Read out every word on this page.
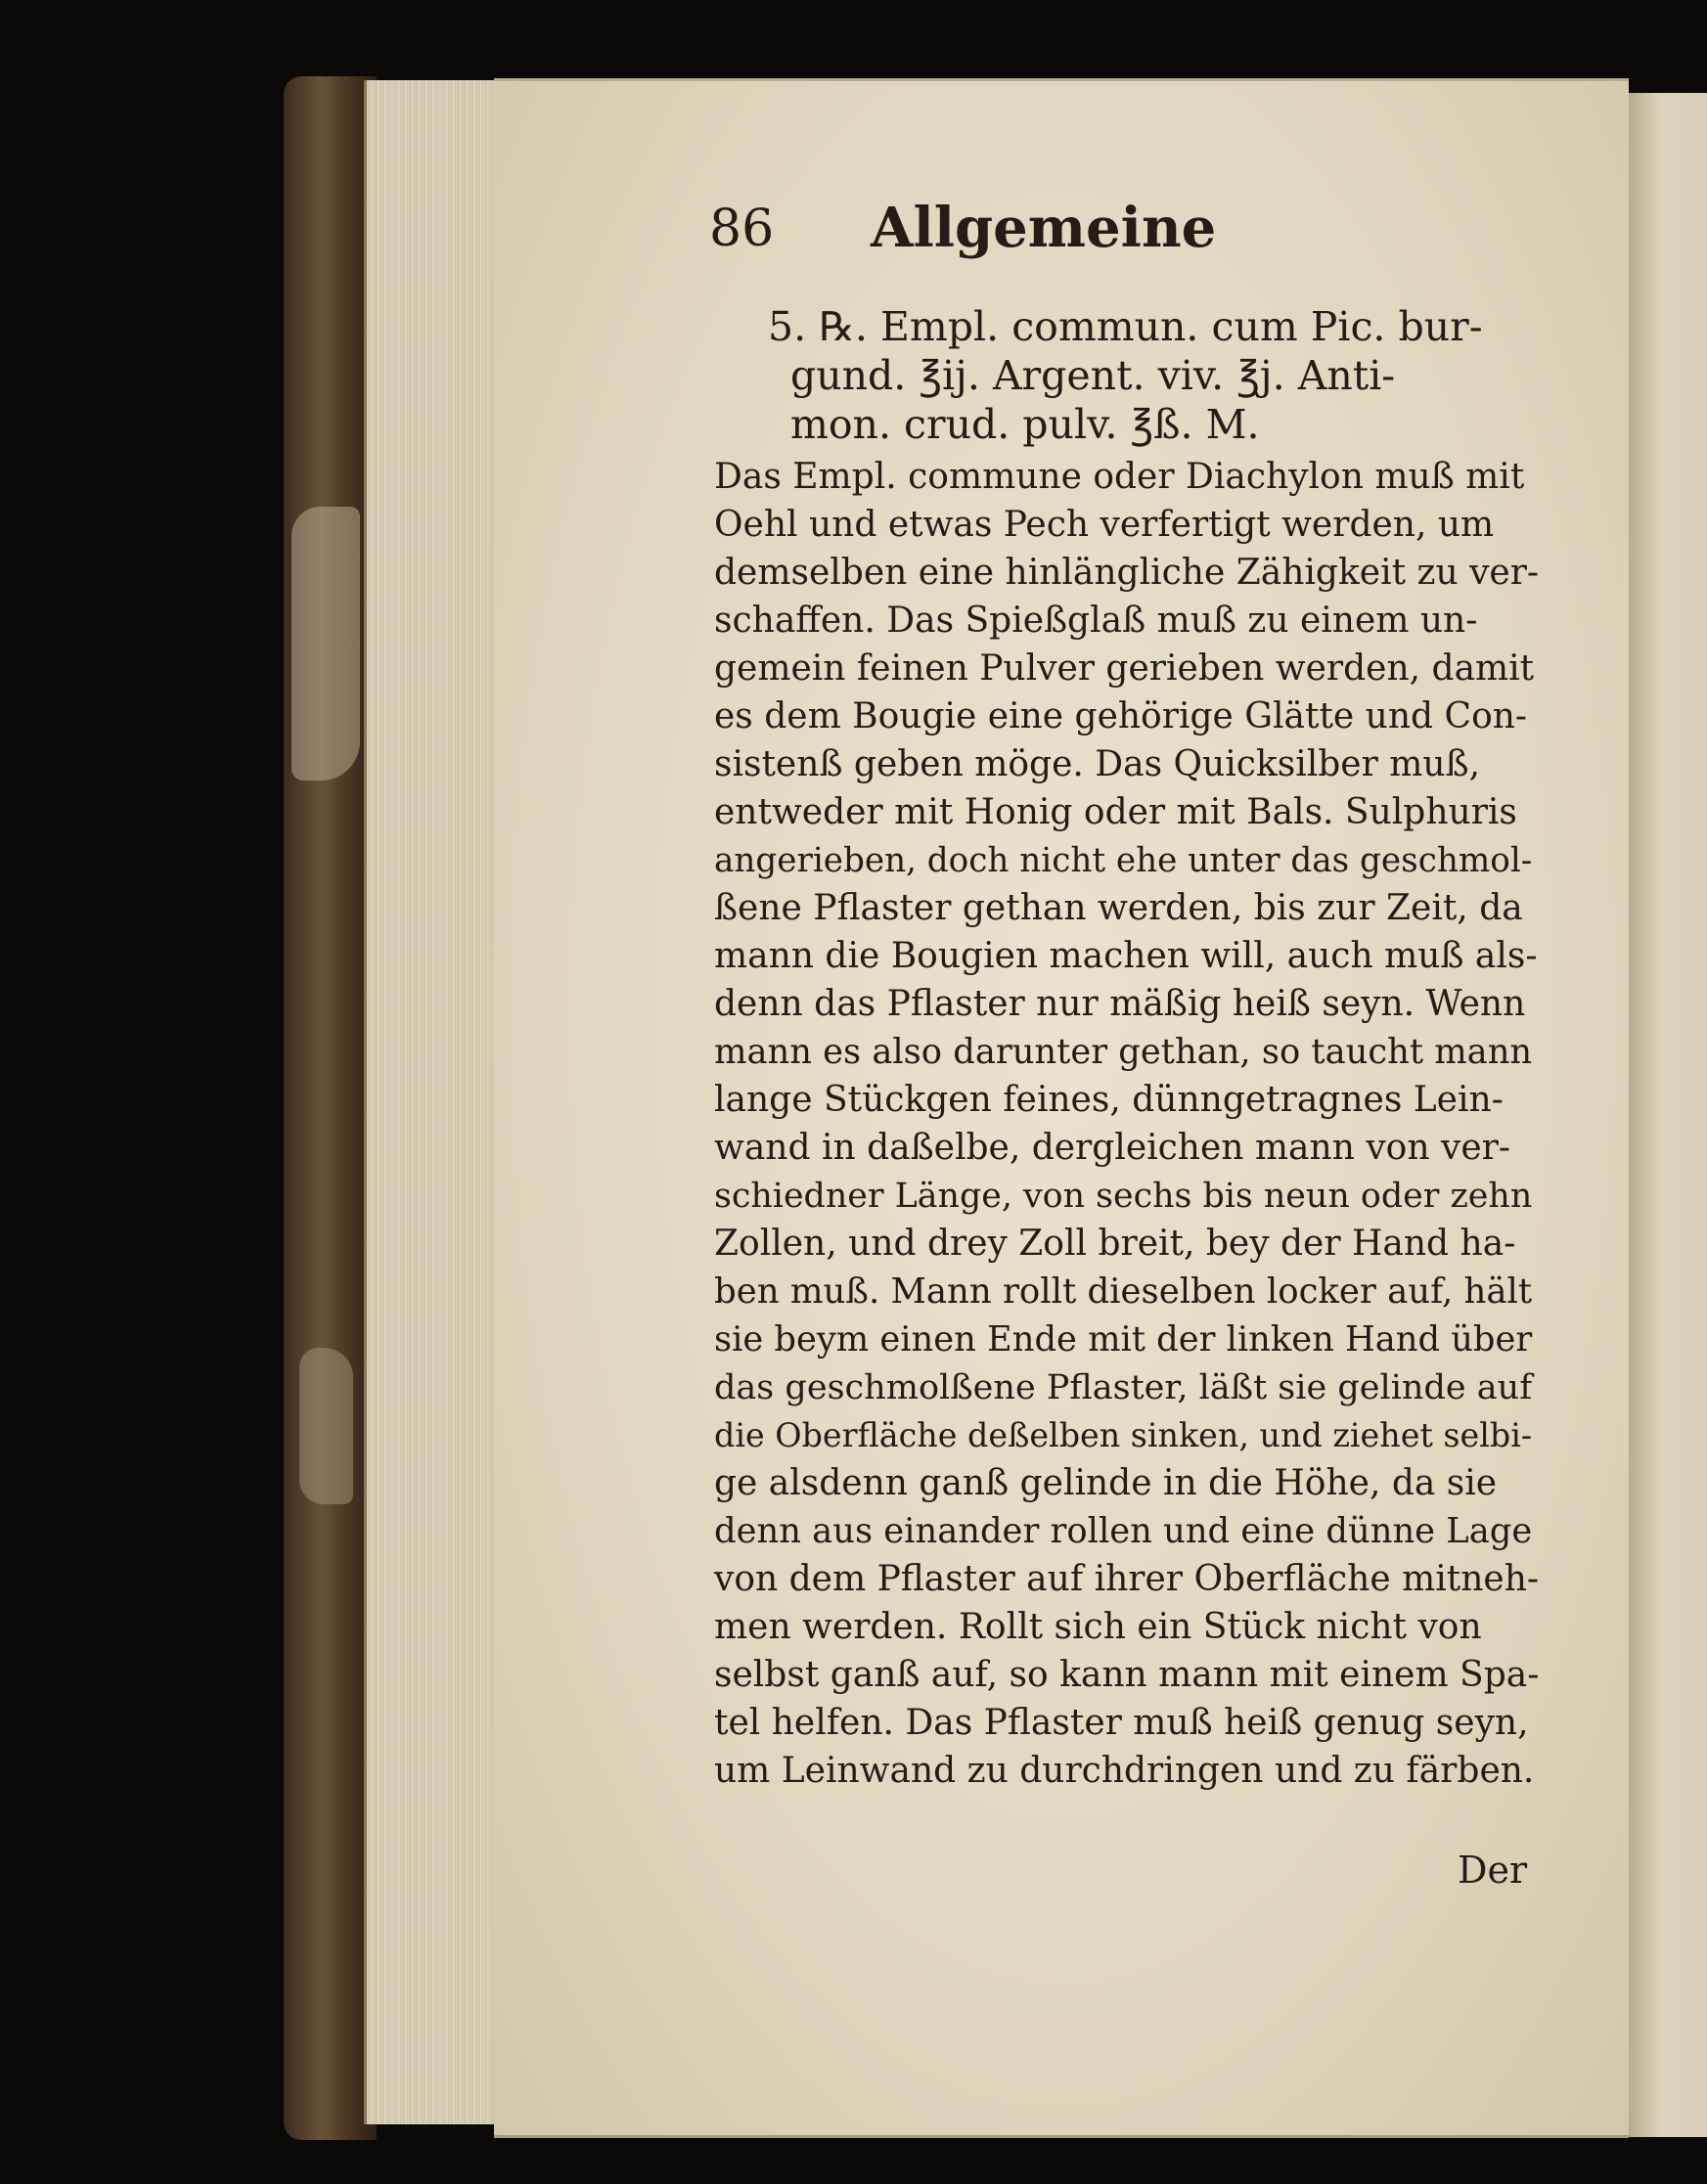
86 Allgemeine
5. ℞. Empl. commun. cum Pic. bur-
gund. ℥ij. Argent. viv. ℥j. Anti-
mon. crud. pulv. ℥ß. M.
Das Empl. commune oder Diachylon muß mit
Oehl und etwas Pech verfertigt werden, um
demselben eine hinlängliche Zähigkeit zu ver-
schaffen. Das Spießglaß muß zu einem un-
gemein feinen Pulver gerieben werden, damit
es dem Bougie eine gehörige Glätte und Con-
sistenß geben möge. Das Quicksilber muß,
entweder mit Honig oder mit Bals. Sulphuris
angerieben, doch nicht ehe unter das geschmol-
ßene Pflaster gethan werden, bis zur Zeit, da
mann die Bougien machen will, auch muß als-
denn das Pflaster nur mäßig heiß seyn. Wenn
mann es also darunter gethan, so taucht mann
lange Stückgen feines, dünngetragnes Lein-
wand in daßelbe, dergleichen mann von ver-
schiedner Länge, von sechs bis neun oder zehn
Zollen, und drey Zoll breit, bey der Hand ha-
ben muß. Mann rollt dieselben locker auf, hält
sie beym einen Ende mit der linken Hand über
das geschmolßene Pflaster, läßt sie gelinde auf
die Oberfläche deßelben sinken, und ziehet selbi-
ge alsdenn ganß gelinde in die Höhe, da sie
denn aus einander rollen und eine dünne Lage
von dem Pflaster auf ihrer Oberfläche mitneh-
men werden. Rollt sich ein Stück nicht von
selbst ganß auf, so kann mann mit einem Spa-
tel helfen. Das Pflaster muß heiß genug seyn,
um Leinwand zu durchdringen und zu färben.
Der
